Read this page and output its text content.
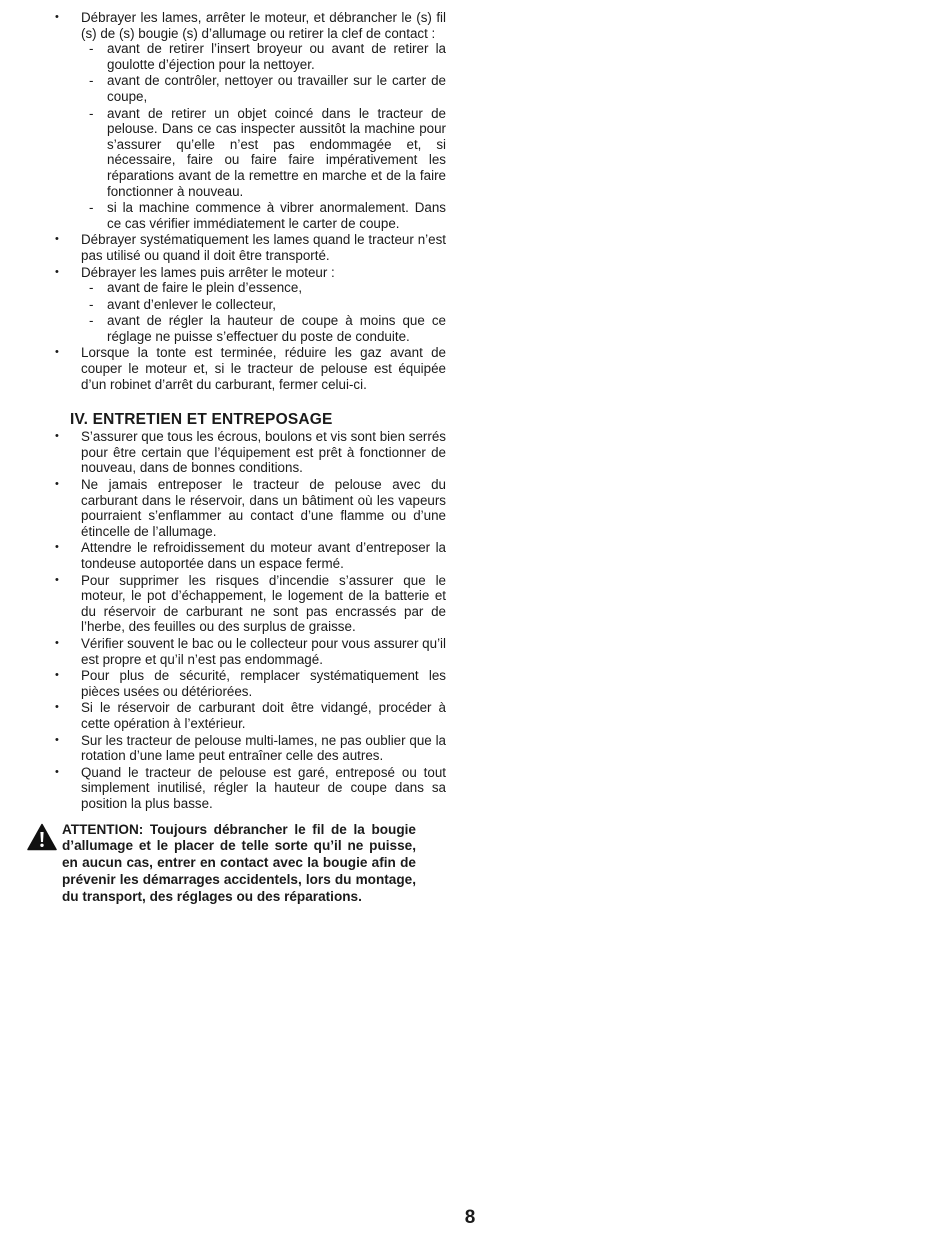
• Débrayer les lames, arrêter le moteur, et débrancher le (s) fil (s) de (s) bougie (s) d’allumage ou retirer la clef de contact :
- avant de retirer l’insert broyeur ou avant de retirer la goulotte d’éjection pour la nettoyer.
- avant de contrôler, nettoyer ou travailler sur le carter de coupe,
- avant de retirer un objet coincé dans le tracteur de pelouse. Dans ce cas inspecter aussitôt la machine pour s’assurer qu’elle n’est pas endommagée et, si nécessaire, faire ou faire faire impérativement les réparations avant de la remettre en marche et de la faire fonctionner à nouveau.
- si la machine commence à vibrer anormalement. Dans ce cas vérifier immédiatement le carter de coupe.
• Débrayer systématiquement les lames quand le tracteur n’est pas utilisé ou quand il doit être transporté.
• Débrayer les lames puis arrêter le moteur :
- avant de faire le plein d’essence,
- avant d’enlever le collecteur,
- avant de régler la hauteur de coupe à moins que ce réglage ne puisse s’effectuer du poste de conduite.
• Lorsque la tonte est terminée, réduire les gaz avant de couper le moteur et, si le tracteur de pelouse est équipée d’un robinet d’arrêt du carburant, fermer celui-ci.
IV. ENTRETIEN ET ENTREPOSAGE
• S’assurer que tous les écrous, boulons et vis sont bien serrés pour être certain que l’équipement est prêt à fonctionner de nouveau, dans de bonnes conditions.
• Ne jamais entreposer le tracteur de pelouse avec du carburant dans le réservoir, dans un bâtiment où les vapeurs pourraient s’enflammer au contact d’une flamme ou d’une étincelle de l’allumage.
• Attendre le refroidissement du moteur avant d’entreposer la tondeuse autoportée dans un espace fermé.
• Pour supprimer les risques d’incendie s’assurer que le moteur, le pot d’échappement, le logement de la batterie et du réservoir de carburant ne sont pas encrassés par de l’herbe, des feuilles ou des surplus de graisse.
• Vérifier souvent le bac ou le collecteur pour vous assurer qu’il est propre et qu’il n’est pas endommagé.
• Pour plus de sécurité, remplacer systématiquement les pièces usées ou détériorées.
• Si le réservoir de carburant doit être vidangé, procéder à cette opération à l’extérieur.
• Sur les tracteur de pelouse multi-lames, ne pas oublier que la rotation d’une lame peut entraîner celle des autres.
• Quand le tracteur de pelouse est garé, entreposé ou tout simplement inutilisé, régler la hauteur de coupe dans sa position la plus basse.

ATTENTION: Toujours débrancher le fil de la bougie d’allumage et le placer de telle sorte qu’il ne puisse, en aucun cas, entrer en contact avec la bougie afin de prévenir les démarrages accidentels, lors du montage, du transport, des réglages ou des réparations.

8
